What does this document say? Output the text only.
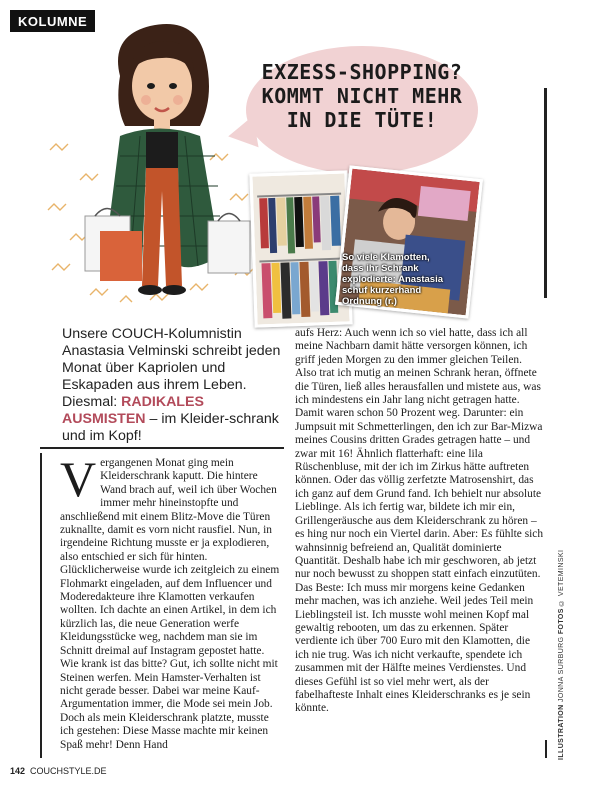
KOLUMNE
EXZESS-SHOPPING?
KOMMT NICHT MEHR
IN DIE TÜTE!
So viele Klamotten, dass ihr Schrank explodierte: Anastasia schuf kurzerhand Ordnung (r.)
Unsere COUCH-Kolumnistin Anastasia Velminski schreibt jeden Monat über Kapriolen und Eskapaden aus ihrem Leben. Diesmal: RADIKALES AUSMISTEN – im Kleider-schrank und im Kopf!

Vergangenen Monat ging mein Kleiderschrank kaputt. Die hintere Wand brach auf, weil ich über Wochen immer mehr hineinstopfte und anschließend mit einem Blitz-Move die Türen zuknallte, damit es vorn nicht rausfiel. Nun, in irgendeine Richtung musste er ja explodieren, also entschied er sich für hinten. Glücklicherweise wurde ich zeitgleich zu einem Flohmarkt eingeladen, auf dem Influencer und Moderedakteure ihre Klamotten verkaufen wollten. Ich dachte an einen Artikel, in dem ich kürzlich las, die neue Generation werfe Kleidungsstücke weg, nachdem man sie im Schnitt dreimal auf Instagram gepostet hatte. Wie krank ist das bitte? Gut, ich sollte nicht mit Steinen werfen. Mein Hamster-Verhalten ist nicht gerade besser. Dabei war meine Kauf-Argumentation immer, die Mode sei mein Job. Doch als mein Kleiderschrank platzte, musste ich gestehen: Diese Masse machte mir keinen Spaß mehr! Denn Hand

aufs Herz: Auch wenn ich so viel hatte, dass ich all meine Nachbarn damit hätte versorgen können, ich griff jeden Morgen zu den immer gleichen Teilen. Also trat ich mutig an meinen Schrank heran, öffnete die Türen, ließ alles herausfallen und mistete aus, was ich mindestens ein Jahr lang nicht getragen hatte. Damit waren schon 50 Prozent weg. Darunter: ein Jumpsuit mit Schmetterlingen, den ich zur Bar-Mizwa meines Cousins dritten Grades getragen hatte – und zwar mit 16! Ähnlich flatterhaft: eine lila Rüschenbluse, mit der ich im Zirkus hätte auftreten können. Oder das völlig zerfetzte Matrosenshirt, das ich ganz auf dem Grund fand. Ich behielt nur absolute Lieblinge. Als ich fertig war, bildete ich mir ein, Grillengeräusche aus dem Kleiderschrank zu hören – es hing nur noch ein Viertel darin. Aber: Es fühlte sich wahnsinnig befreiend an, Qualität dominierte Quantität. Deshalb habe ich mir geschworen, ab jetzt nur noch bewusst zu shoppen statt einfach einzutüten. Das Beste: Ich muss mir morgens keine Gedanken mehr machen, was ich anziehe. Weil jedes Teil mein Lieblingsteil ist. Ich musste wohl meinen Kopf mal gewaltig rebooten, um das zu erkennen. Später verdiente ich über 700 Euro mit den Klamotten, die ich nie trug. Was ich nicht verkaufte, spendete ich zusammen mit der Hälfte meines Verdienstes. Und dieses Gefühl ist so viel mehr wert, als der fabelhafteste Inhalt eines Kleiderschranks es je sein könnte.	ILLUSTRATION JONNA SURBURG FOTOS © VETEMINSKI
142 COUCHSTYLE.DE
